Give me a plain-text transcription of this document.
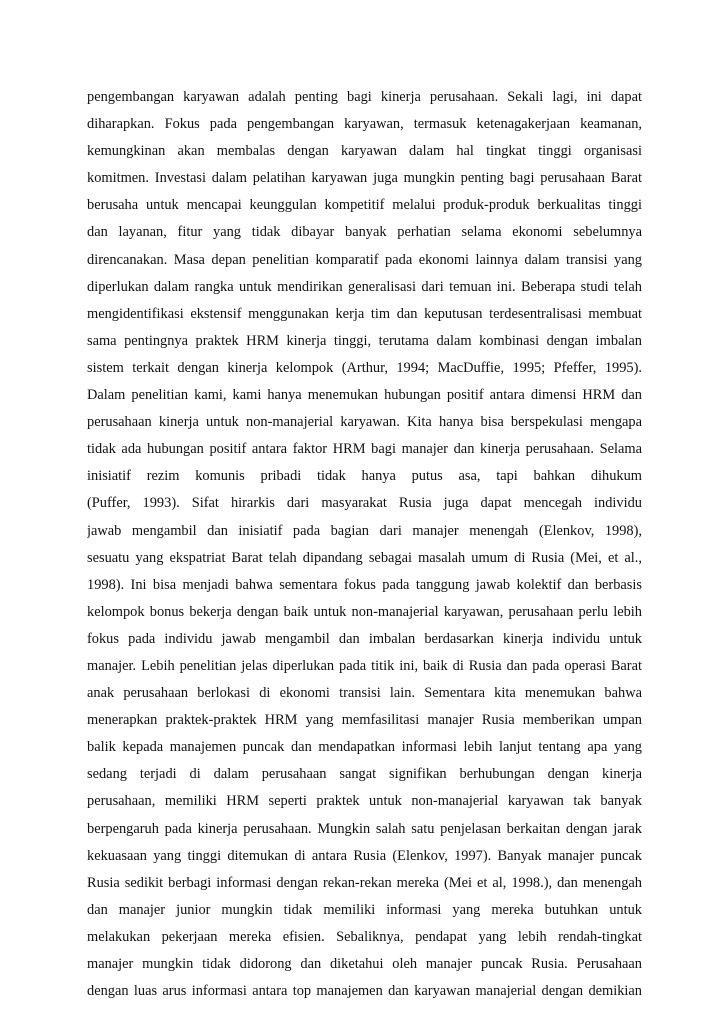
pengembangan karyawan adalah penting bagi kinerja perusahaan. Sekali lagi, ini dapat
diharapkan. Fokus pada pengembangan karyawan, termasuk ketenagakerjaan keamanan,
kemungkinan akan membalas dengan karyawan dalam hal tingkat tinggi organisasi
komitmen. Investasi dalam pelatihan karyawan juga mungkin penting bagi perusahaan Barat
berusaha untuk mencapai keunggulan kompetitif melalui produk-produk berkualitas tinggi
dan layanan, fitur yang tidak dibayar banyak perhatian selama ekonomi sebelumnya
direncanakan. Masa depan penelitian komparatif pada ekonomi lainnya dalam transisi yang
diperlukan dalam rangka untuk mendirikan generalisasi dari temuan ini. Beberapa studi telah
mengidentifikasi ekstensif menggunakan kerja tim dan keputusan terdesentralisasi membuat
sama pentingnya praktek HRM kinerja tinggi, terutama dalam kombinasi dengan imbalan
sistem terkait dengan kinerja kelompok (Arthur, 1994; MacDuffie, 1995; Pfeffer, 1995).
Dalam penelitian kami, kami hanya menemukan hubungan positif antara dimensi HRM dan
perusahaan kinerja untuk non-manajerial karyawan. Kita hanya bisa berspekulasi mengapa
tidak ada hubungan positif antara faktor HRM bagi manajer dan kinerja perusahaan. Selama
inisiatif rezim komunis pribadi tidak hanya putus asa, tapi bahkan dihukum
(Puffer, 1993). Sifat hirarkis dari masyarakat Rusia juga dapat mencegah individu
jawab mengambil dan inisiatif pada bagian dari manajer menengah (Elenkov, 1998),
sesuatu yang ekspatriat Barat telah dipandang sebagai masalah umum di Rusia (Mei, et al.,
1998). Ini bisa menjadi bahwa sementara fokus pada tanggung jawab kolektif dan berbasis
kelompok bonus bekerja dengan baik untuk non-manajerial karyawan, perusahaan perlu lebih
fokus pada individu jawab mengambil dan imbalan berdasarkan kinerja individu untuk
manajer. Lebih penelitian jelas diperlukan pada titik ini, baik di Rusia dan pada operasi Barat
anak perusahaan berlokasi di ekonomi transisi lain. Sementara kita menemukan bahwa
menerapkan praktek-praktek HRM yang memfasilitasi manajer Rusia memberikan umpan
balik kepada manajemen puncak dan mendapatkan informasi lebih lanjut tentang apa yang
sedang terjadi di dalam perusahaan sangat signifikan berhubungan dengan kinerja
perusahaan, memiliki HRM seperti praktek untuk non-manajerial karyawan tak banyak
berpengaruh pada kinerja perusahaan. Mungkin salah satu penjelasan berkaitan dengan jarak
kekuasaan yang tinggi ditemukan di antara Rusia (Elenkov, 1997). Banyak manajer puncak
Rusia sedikit berbagi informasi dengan rekan-rekan mereka (Mei et al, 1998.), dan menengah
dan manajer junior mungkin tidak memiliki informasi yang mereka butuhkan untuk
melakukan pekerjaan mereka efisien. Sebaliknya, pendapat yang lebih rendah-tingkat
manajer mungkin tidak didorong dan diketahui oleh manajer puncak Rusia. Perusahaan
dengan luas arus informasi antara top manajemen dan karyawan manajerial dengan demikian
